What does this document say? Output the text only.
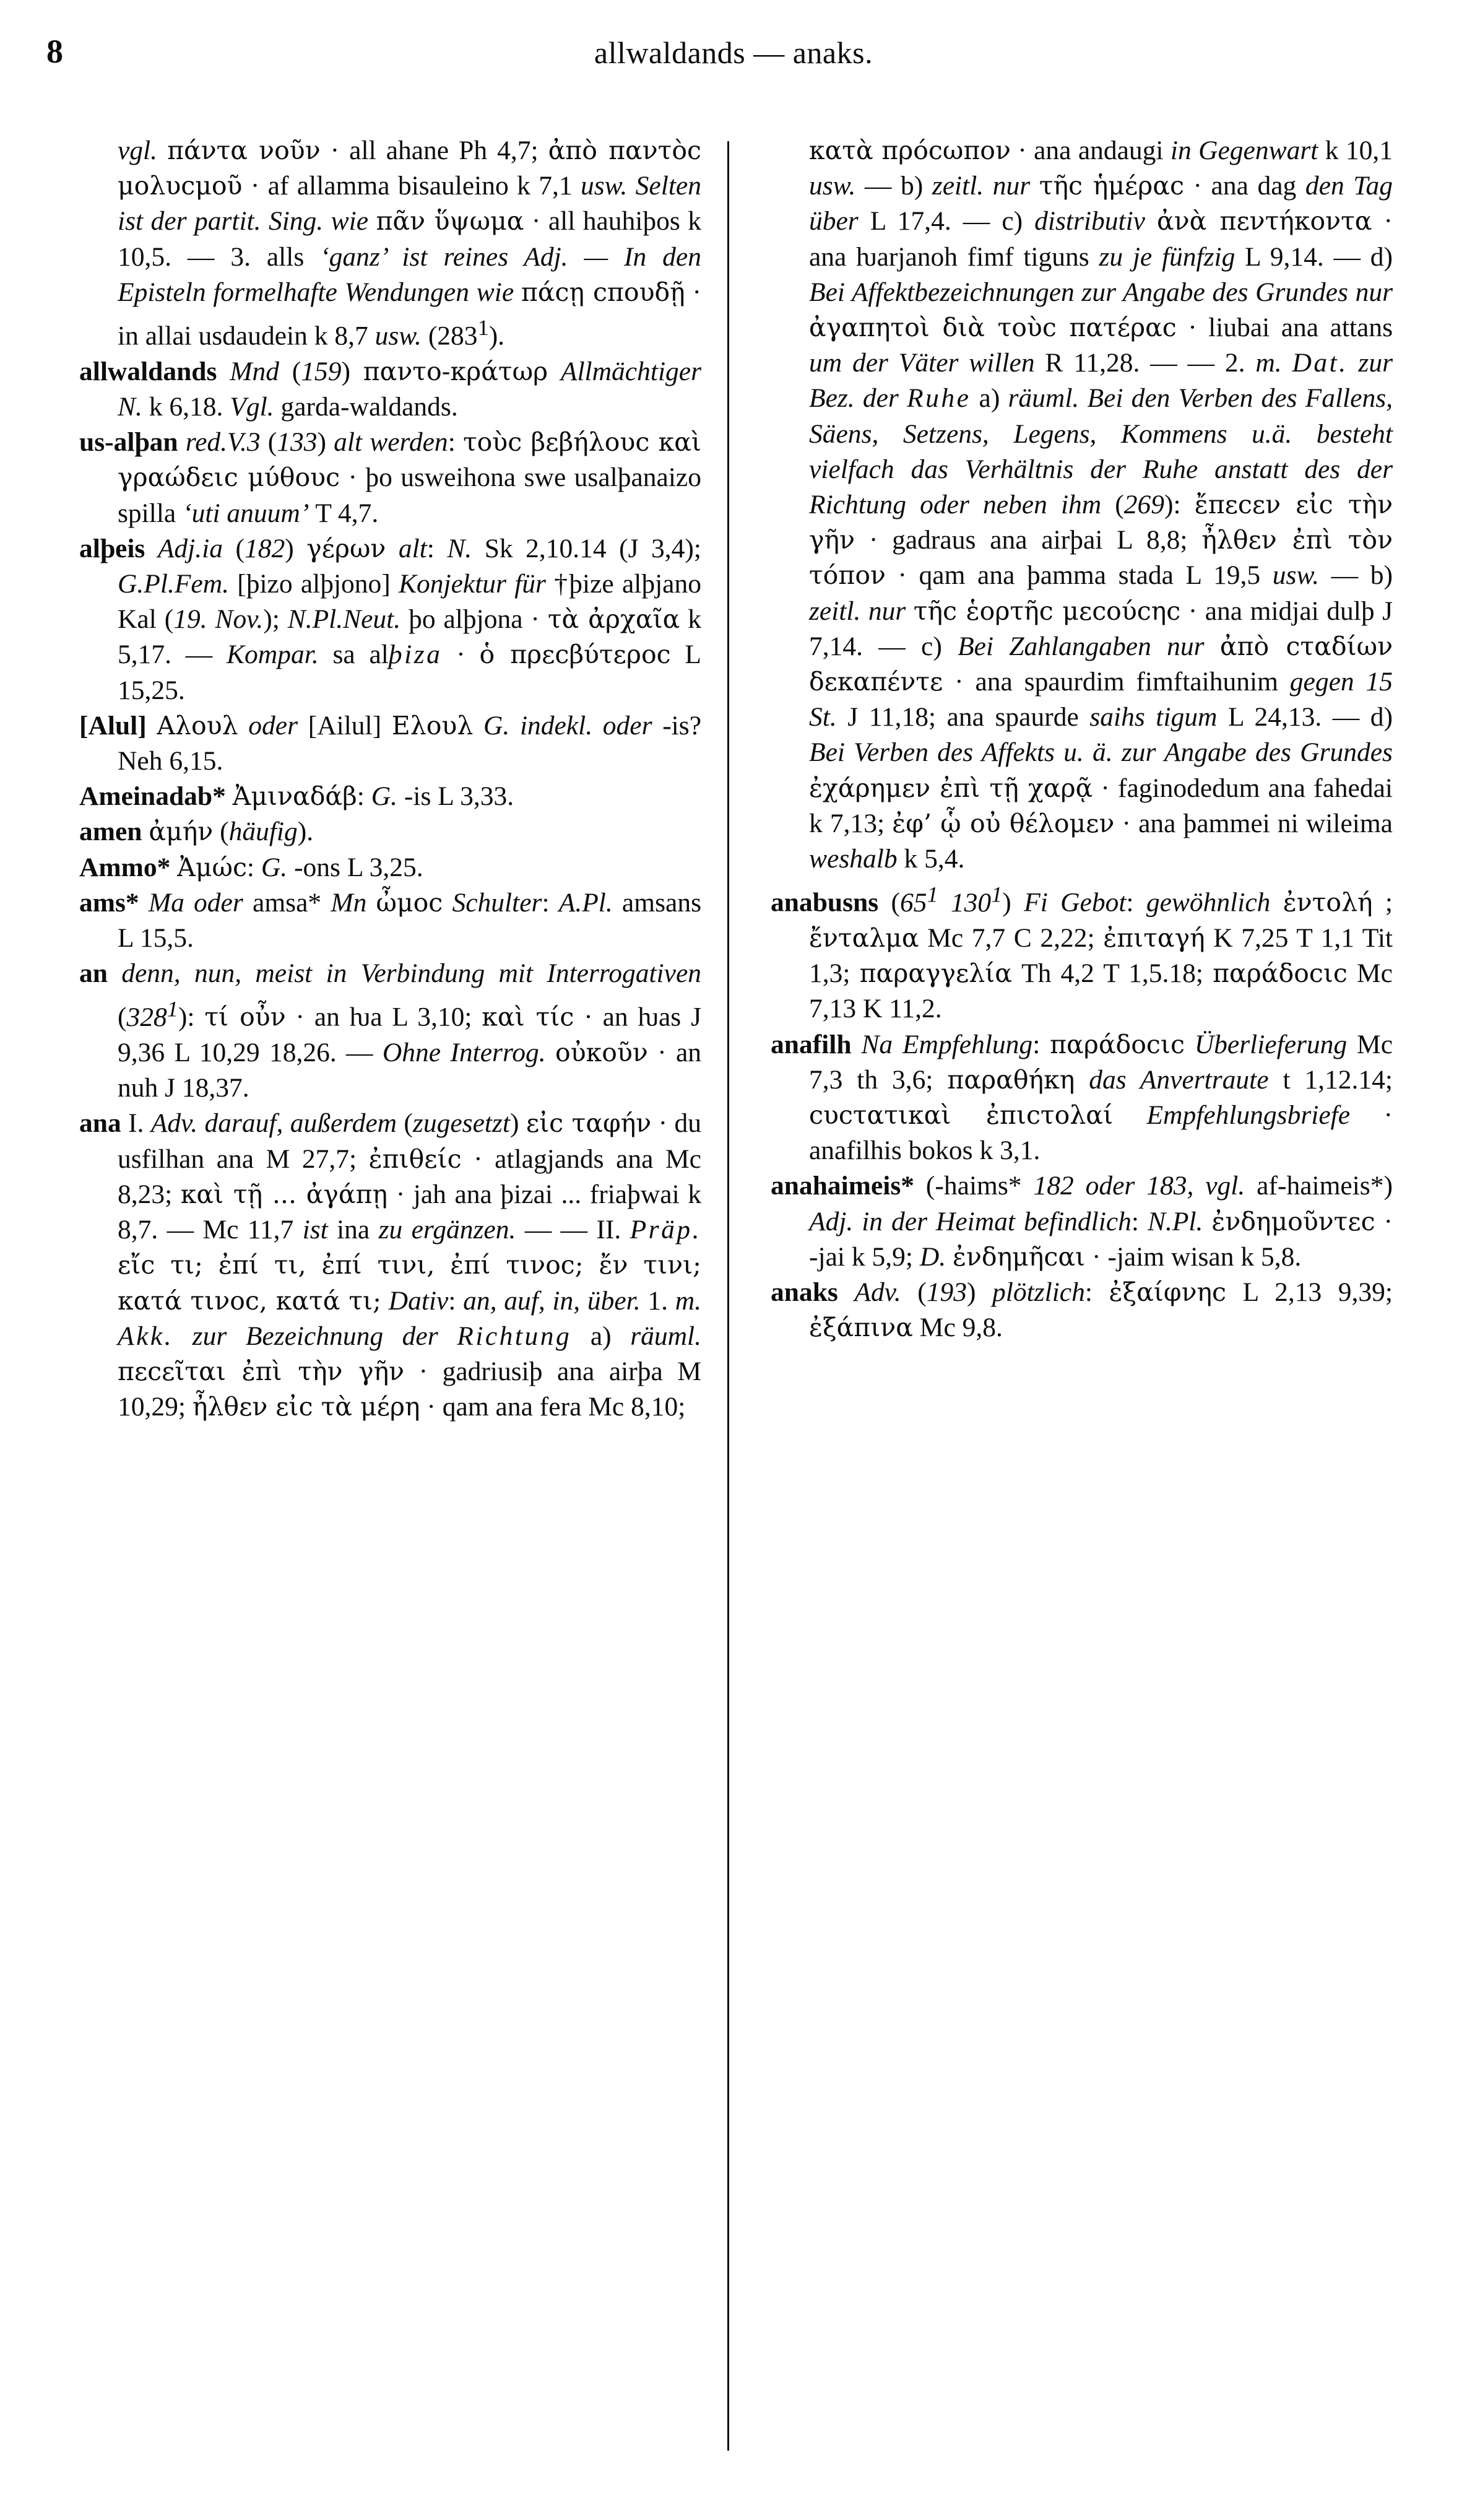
8	allwaldands — anaks.

vgl. πάντα νοῦν · all ahane Ph 4,7; ἀπὸ παντὸϲ μολυϲμοῦ · af allamma bisauleino k 7,1 usw. Selten ist der partit. Sing. wie πᾶν ὕψωμα · all hauhiþos k 10,5. — 3. alls ‘ganz’ ist reines Adj. — In den Episteln formelhafte Wendungen wie πάϲῃ ϲπουδῇ · in allai usdaudein k 8,7 usw. $(283^1)$.

allwaldands Mnd (159) παντο-κράτωρ Allmächtiger N. k 6,18. Vgl. garda-waldands.

us-alþan red.V.3 (133) alt werden: τοὺϲ βεβήλουϲ καὶ γραώδειϲ μύθουϲ · þo usweihona swe usalþanaizo spilla ‘uti anuum’ T 4,7.

alþeis Adj.ia (182) γέρων alt: N. Sk 2,10.14 (J 3,4); G.Pl.Fem. [þizo alþjono] Konjektur für †þize alþjano Kal (19. Nov.); N.Pl.Neut. þo alþjona · τὰ ἀρχαῖα k 5,17. — Kompar. sa alþiza · ὁ πρεϲβύτεροϲ L 15,25.

[Alul] Αλουλ oder [Ailul] Ελουλ G. indekl. oder -is? Neh 6,15.

Ameinadab* Ἀμιναδάβ: G. -is L 3,33.

amen ἀμήν (häufig).

Ammo* Ἀμώϲ: G. -ons L 3,25.

ams* Ma oder amsa* Mn ὦμοϲ Schulter: A.Pl. amsans L 15,5.

an denn, nun, meist in Verbindung mit Interrogativen $(328^1)$: τί οὖν · an ƕa L 3,10; καὶ τίϲ · an ƕas J 9,36 L 10,29 18,26. — Ohne Interrog. οὐκοῦν · an nuh J 18,37.

ana I. Adv. darauf, außerdem (zugesetzt) εἰϲ ταφήν · du usfilhan ana M 27,7; ἐπιθείϲ · atlagjands ana Mc 8,23; καὶ τῇ ... ἀγάπῃ · jah ana þizai ... friaþwai k 8,7. — Mc 11,7 ist ina zu ergänzen. — — II. Präp. εἴϲ τι; ἐπί τι, ἐπί τινι, ἐπί τινοϲ; ἔν τινι; κατά τινοϲ, κατά τι; Dativ: an, auf, in, über. 1. m. Akk. zur Bezeichnung der Richtung a) räuml. πεϲεῖται ἐπὶ τὴν γῆν · gadriusiþ ana airþa M 10,29; ἦλθεν εἰϲ τὰ μέρη · qam ana fera Mc 8,10;

κατὰ πρόϲωπον · ana andaugi in Gegenwart k 10,1 usw. — b) zeitl. nur τῆϲ ἡμέραϲ · ana dag den Tag über L 17,4. — c) distributiv ἀνὰ πεντήκοντα · ana ƕarjanoh fimf tiguns zu je fünfzig L 9,14. — d) Bei Affektbezeichnungen zur Angabe des Grundes nur ἀγαπητοὶ διὰ τοὺϲ πατέραϲ · liubai ana attans um der Väter willen R 11,28. — — 2. m. Dat. zur Bez. der Ruhe a) räuml. Bei den Verben des Fallens, Säens, Setzens, Legens, Kommens u.ä. besteht vielfach das Verhältnis der Ruhe anstatt des der Richtung oder neben ihm (269): ἔπεϲεν εἰϲ τὴν γῆν · gadraus ana airþai L 8,8; ἦλθεν ἐπὶ τὸν τόπον · qam ana þamma stada L 19,5 usw. — b) zeitl. nur τῆϲ ἑορτῆϲ μεϲούϲηϲ · ana midjai dulþ J 7,14. — c) Bei Zahlangaben nur ἀπὸ ϲταδίων δεκαπέντε · ana spaurdim fimftaihunim gegen 15 St. J 11,18; ana spaurde saihs tigum L 24,13. — d) Bei Verben des Affekts u. ä. zur Angabe des Grundes ἐχάρημεν ἐπὶ τῇ χαρᾷ · faginodedum ana fahedai k 7,13; ἐφ’ ᾧ οὐ θέλομεν · ana þammei ni wileima weshalb k 5,4.

anabusns ($65^1$ $130^1$) Fi Gebot: gewöhnlich ἐντολή ; ἔνταλμα Mc 7,7 C 2,22; ἐπιταγή K 7,25 T 1,1 Tit 1,3; παραγγελία Th 4,2 T 1,5.18; παράδοϲιϲ Mc 7,13 K 11,2.

anafilh Na Empfehlung: παράδοϲιϲ Überlieferung Mc 7,3 th 3,6; παραθήκη das Anvertraute t 1,12.14; ϲυϲτατικαὶ ἐπιϲτολαί Empfehlungsbriefe · anafilhis bokos k 3,1.

anahaimeis* (-haims* 182 oder 183, vgl. af-haimeis*) Adj. in der Heimat befindlich: N.Pl. ἐνδημοῦντεϲ · -jai k 5,9; D. ἐνδημῆϲαι · -jaim wisan k 5,8.

anaks Adv. (193) plötzlich: ἐξαίφνηϲ L 2,13 9,39; ἐξάπινα Mc 9,8.
